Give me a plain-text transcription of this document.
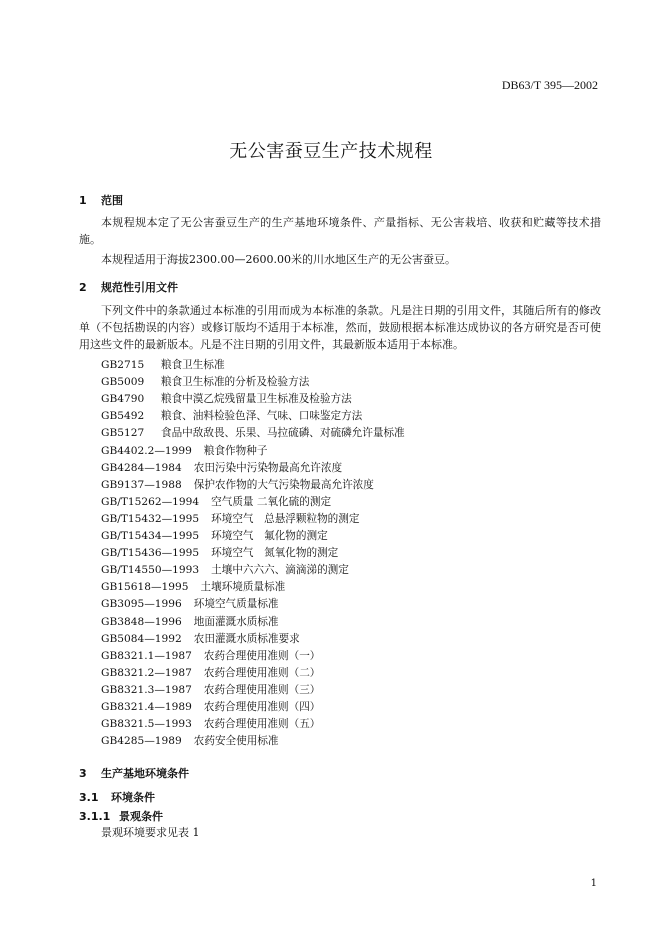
DB63/T 395—2002
无公害蚕豆生产技术规程
1 范围
本规程规本定了无公害蚕豆生产的生产基地环境条件、产量指标、无公害栽培、收获和贮藏等技术措施。
本规程适用于海拔2300.00—2600.00米的川水地区生产的无公害蚕豆。
2 规范性引用文件
下列文件中的条款通过本标准的引用而成为本标准的条款。凡是注日期的引用文件，其随后所有的修改单（不包括勘误的内容）或修订版均不适用于本标准，然而，鼓励根据本标准达成协议的各方研究是否可使用这些文件的最新版本。凡是不注日期的引用文件，其最新版本适用于本标准。
GB2715 粮食卫生标准
GB5009 粮食卫生标准的分析及检验方法
GB4790 粮食中漠乙烷残留量卫生标准及检验方法
GB5492 粮食、油料检验色泽、气味、口味鉴定方法
GB5127 食品中敌敌畏、乐果、马拉硫磷、对硫磷允许量标准
GB4402.2—1999 粮食作物种子
GB4284—1984 农田污染中污染物最高允许浓度
GB9137—1988 保护农作物的大气污染物最高允许浓度
GB/T15262—1994 空气质量 二氧化硫的测定
GB/T15432—1995 环境空气　总悬浮颗粒物的测定
GB/T15434—1995 环境空气　氟化物的测定
GB/T15436—1995 环境空气　氮氧化物的测定
GB/T14550—1993 土壤中六六六、滴滴涕的测定
GB15618—1995 土壤环境质量标准
GB3095—1996 环境空气质量标准
GB3848—1996 地面灌溉水质标准
GB5084—1992 农田灌溉水质标准要求
GB8321.1—1987 农药合理使用准则（一）
GB8321.2—1987 农药合理使用准则（二）
GB8321.3—1987 农药合理使用准则（三）
GB8321.4—1989 农药合理使用准则（四）
GB8321.5—1993 农药合理使用准则（五）
GB4285—1989 农药安全使用标准
3 生产基地环境条件
3.1 环境条件
3.1.1 景观条件
景观环境要求见表 1
1
